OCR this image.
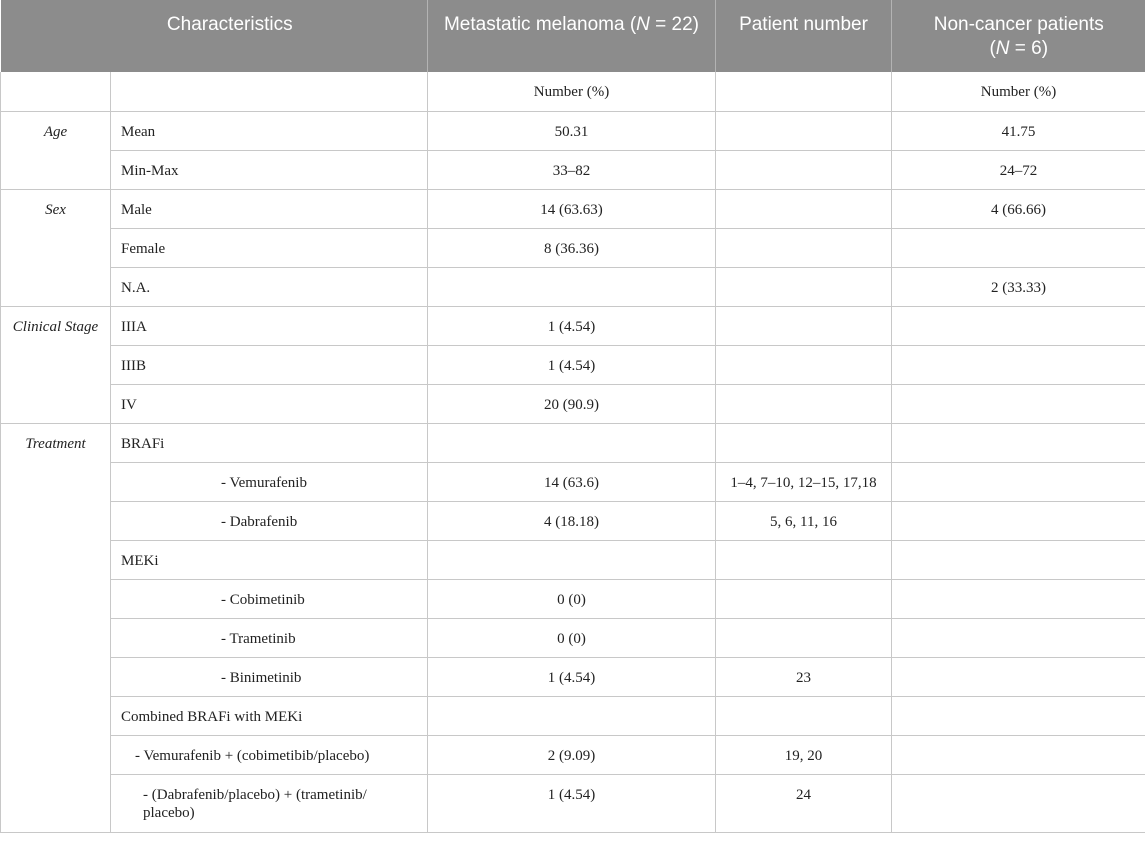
Characteristics		Metastatic melanoma (N = 22)	Patient number	Non-cancer patients
(N = 6)
		Number (%)		Number (%)
Age	Mean	50.31		41.75
	Min-Max	33–82		24–72
Sex	Male	14 (63.63)		4 (66.66)
	Female	8 (36.36)		
	N.A.			2 (33.33)
Clinical Stage	IIIA	1 (4.54)		
	IIIB	1 (4.54)		
	IV	20 (90.9)		
Treatment	BRAFi			
	- Vemurafenib	14 (63.6)	1–4, 7–10, 12–15, 17,18	
	- Dabrafenib	4 (18.18)	5, 6, 11, 16	
	MEKi			
	- Cobimetinib	0 (0)		
	- Trametinib	0 (0)		
	- Binimetinib	1 (4.54)	23	
	Combined BRAFi with MEKi			
	- Vemurafenib + (cobimetibib/placebo)	2 (9.09)	19, 20	

	- (Dabrafenib/placebo) + (trametinib/
placebo)	1 (4.54)	24	
